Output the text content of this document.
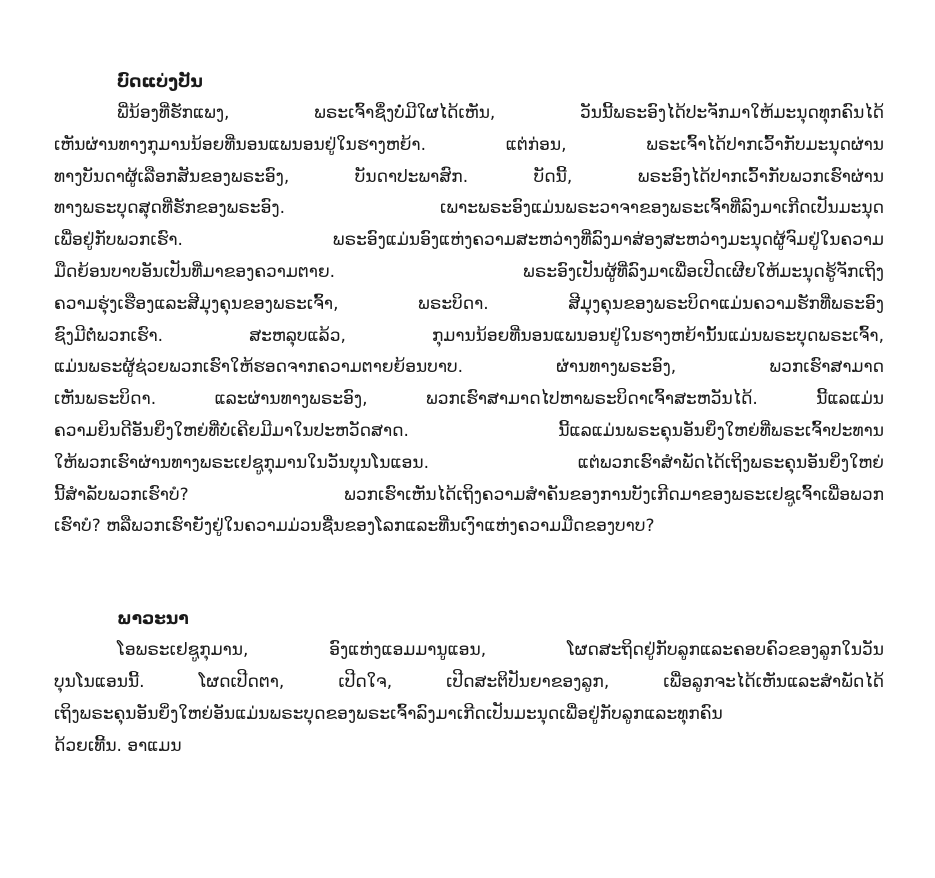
ບົດແບ່ງປັນ
ພີ່ນ້ອງທີ່ຮັກແພງ, ພຣະເຈົ້າຊຶ່ງບໍ່ມີໃຜໄດ້ເຫັນ, ວັນນີ້ພຣະອົງໄດ້ປະຈັກມາໃຫ້ມະນຸດທຸກຄົນໄດ້
ເຫັນຜ່ານທາງກຸມານນ້ອຍທີ່ນອນແພນອນຢູ່ໃນຮາງຫຍ້າ. ແຕ່ກ່ອນ, ພຣະເຈົ້າໄດ້ປາກເວົ້າກັບມະນຸດຜ່ານ
ທາງບັນດາຜູ້ເລືອກສັນຂອງພຣະອົງ, ບັນດາປະພາສົກ. ບັດນີ້, ພຣະອົງໄດ້ປາກເວົ້າກັບພວກເຮົາຜ່ານ
ທາງພຣະບຸດສຸດທີ່ຮັກຂອງພຣະອົງ. ເພາະພຣະອົງແມ່ນພຣະວາຈາຂອງພຣະເຈົ້າທີ່ລົງມາເກີດເປັນມະນຸດ
ເພື່ອຢູ່ກັບພວກເຮົາ. ພຣະອົງແມ່ນອົງແຫ່ງຄວາມສະຫວ່າງທີ່ລົງມາສ່ອງສະຫວ່າງມະນຸດຜູ້ຈົມຢູ່ໃນຄວາມ
ມືດຍ້ອນບາບອັນເປັນທີ່ມາຂອງຄວາມຕາຍ. ພຣະອົງເປັນຜູ້ທີ່ລົງມາເພື່ອເປີດເຜີຍໃຫ້ມະນຸດຮູ້ຈັກເຖິງ
ຄວາມຮຸ່ງເຮືອງແລະສີມຸງຄຸນຂອງພຣະເຈົ້າ, ພຣະບິດາ. ສີມຸງຄຸນຂອງພຣະບິດາແມ່ນຄວາມຮັກທີ່ພຣະອົງ
ຊົງມີຕໍ່ພວກເຮົາ. ສະຫລຸບແລ້ວ, ກຸມານນ້ອຍທີ່ນອນແພນອນຢູ່ໃນຮາງຫຍ້ານັ້ນແມ່ນພຣະບຸດພຣະເຈົ້າ,
ແມ່ນພຣະຜູ້ຊ່ວຍພວກເຮົາໃຫ້ຮອດຈາກຄວາມຕາຍຍ້ອນບາບ. ຜ່ານທາງພຣະອົງ, ພວກເຮົາສາມາດ
ເຫັນພຣະບິດາ. ແລະຜ່ານທາງພຣະອົງ, ພວກເຮົາສາມາດໄປຫາພຣະບິດາເຈົ້າສະຫວັນໄດ້. ນີ້ແລແມ່ນ
ຄວາມຍິນດີອັນຍິ່ງໃຫຍ່ທີ່ບໍ່ເຄີຍມີມາໃນປະຫວັດສາດ. ນີ້ແລແມ່ນພຣະຄຸນອັນຍິ່ງໃຫຍ່ທີ່ພຣະເຈົ້າປະທານ
ໃຫ້ພວກເຮົາຜ່ານທາງພຣະເຢຊູກຸມານໃນວັນບຸນໂນແອນ. ແຕ່ພວກເຮົາສຳພັດໄດ້ເຖິງພຣະຄຸນອັນຍິ່ງໃຫຍ່
ນີ້ສຳລັບພວກເຮົາບໍ? ພວກເຮົາເຫັນໄດ້ເຖິງຄວາມສຳຄັນຂອງການບັງເກີດມາຂອງພຣະເຢຊູເຈົ້າເພື່ອພວກ
ເຮົາບໍ? ຫລືພວກເຮົາຍັງຢູ່ໃນຄວາມມ່ວນຊື່ນຂອງໂລກແລະທີ່ນເງົາແຫ່ງຄວາມມືດຂອງບາບ?
ພາວະນາ
ໂອພຣະເຢຊູກຸມານ, ອົງແຫ່ງແອມມານູແອນ, ໂຜດສະຖິດຢູ່ກັບລູກແລະຄອບຄົວຂອງລູກໃນວັນ
ບຸນໂນແອນນີ້. ໂຜດເປີດຕາ, ເປີດໃຈ, ເປີດສະຕິປັນຍາຂອງລູກ, ເພື່ອລູກຈະໄດ້ເຫັນແລະສຳພັດໄດ້
ເຖິງພຣະຄຸນອັນຍິ່ງໃຫຍ່ອັນແມ່ນພຣະບຸດຂອງພຣະເຈົ້າລົງມາເກີດເປັນມະນຸດເພື່ອຢູ່ກັບລູກແລະທຸກຄົນ
ດ້ວຍເທີ້ນ. ອາແມນ
